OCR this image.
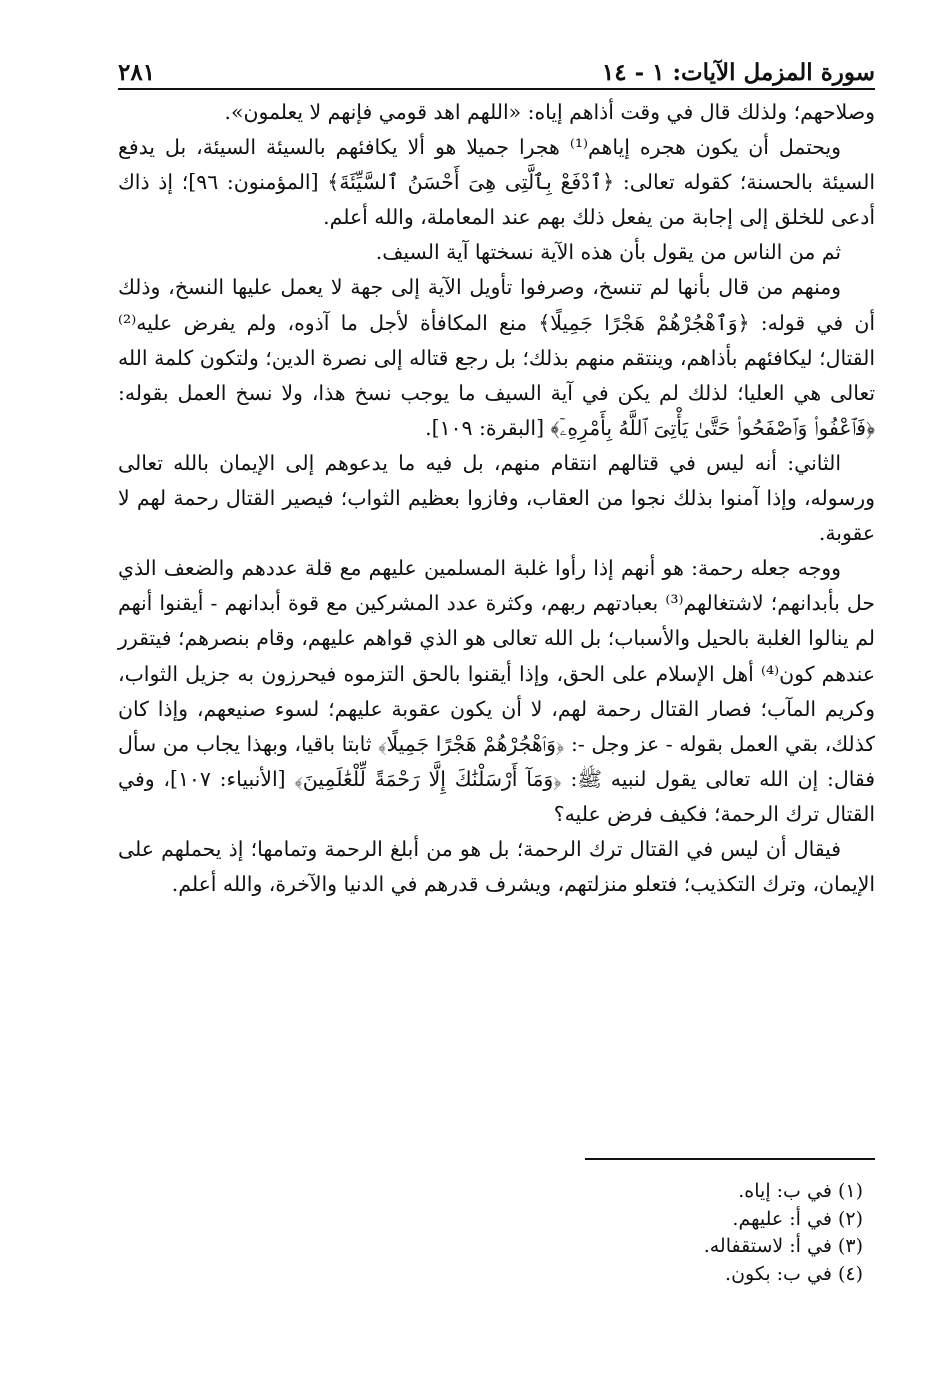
سورة المزمل الآيات: ١ - ١٤
٢٨١

وصلاحهم؛ ولذلك قال في وقت أذاهم إياه: «اللهم اهد قومي فإنهم لا يعلمون».

ويحتمل أن يكون هجره إياهم⁽¹⁾ هجرا جميلا هو ألا يكافئهم بالسيئة السيئة، بل يدفع السيئة بالحسنة؛ كقوله تعالى: ﴿ٱدْفَعْ بِٱلَّتِى هِىَ أَحْسَنُ ٱلسَّيِّئَةَ﴾ [المؤمنون: ٩٦]؛ إذ ذاك أدعى للخلق إلى إجابة من يفعل ذلك بهم عند المعاملة، والله أعلم.

ثم من الناس من يقول بأن هذه الآية نسختها آية السيف.

ومنهم من قال بأنها لم تنسخ، وصرفوا تأويل الآية إلى جهة لا يعمل عليها النسخ، وذلك أن في قوله: ﴿وَٱهْجُرْهُمْ هَجْرًا جَمِيلًا﴾ منع المكافأة لأجل ما آذوه، ولم يفرض عليه⁽²⁾ القتال؛ ليكافئهم بأذاهم، وينتقم منهم بذلك؛ بل رجع قتاله إلى نصرة الدين؛ ولتكون كلمة الله تعالى هي العليا؛ لذلك لم يكن في آية السيف ما يوجب نسخ هذا، ولا نسخ العمل بقوله: ﴿فَٱعْفُوا۟ وَٱصْفَحُوا۟ حَتَّىٰ يَأْتِىَ ٱللَّهُ بِأَمْرِهِۦٓ﴾ [البقرة: ١٠٩].

الثاني: أنه ليس في قتالهم انتقام منهم، بل فيه ما يدعوهم إلى الإيمان بالله تعالى ورسوله، وإذا آمنوا بذلك نجوا من العقاب، وفازوا بعظيم الثواب؛ فيصير القتال رحمة لهم لا عقوبة.

ووجه جعله رحمة: هو أنهم إذا رأوا غلبة المسلمين عليهم مع قلة عددهم والضعف الذي حل بأبدانهم؛ لاشتغالهم⁽³⁾ بعبادتهم ربهم، وكثرة عدد المشركين مع قوة أبدانهم - أيقنوا أنهم لم ينالوا الغلبة بالحيل والأسباب؛ بل الله تعالى هو الذي قواهم عليهم، وقام بنصرهم؛ فيتقرر عندهم كون⁽⁴⁾ أهل الإسلام على الحق، وإذا أيقنوا بالحق التزموه فيحرزون به جزيل الثواب، وكريم المآب؛ فصار القتال رحمة لهم، لا أن يكون عقوبة عليهم؛ لسوء صنيعهم، وإذا كان كذلك، بقي العمل بقوله - عز وجل -: ﴿وَٱهْجُرْهُمْ هَجْرًا جَمِيلًا﴾ ثابتا باقيا، وبهذا يجاب من سأل فقال: إن الله تعالى يقول لنبيه ﷺ: ﴿وَمَآ أَرْسَلْنَٰكَ إِلَّا رَحْمَةً لِّلْعَٰلَمِينَ﴾ [الأنبياء: ١٠٧]، وفي القتال ترك الرحمة؛ فكيف فرض عليه؟

فيقال أن ليس في القتال ترك الرحمة؛ بل هو من أبلغ الرحمة وتمامها؛ إذ يحملهم على الإيمان، وترك التكذيب؛ فتعلو منزلتهم، ويشرف قدرهم في الدنيا والآخرة، والله أعلم.

(١) في ب: إياه.

(٢) في أ: عليهم.

(٣) في أ: لاستقفاله.

(٤) في ب: بكون.
